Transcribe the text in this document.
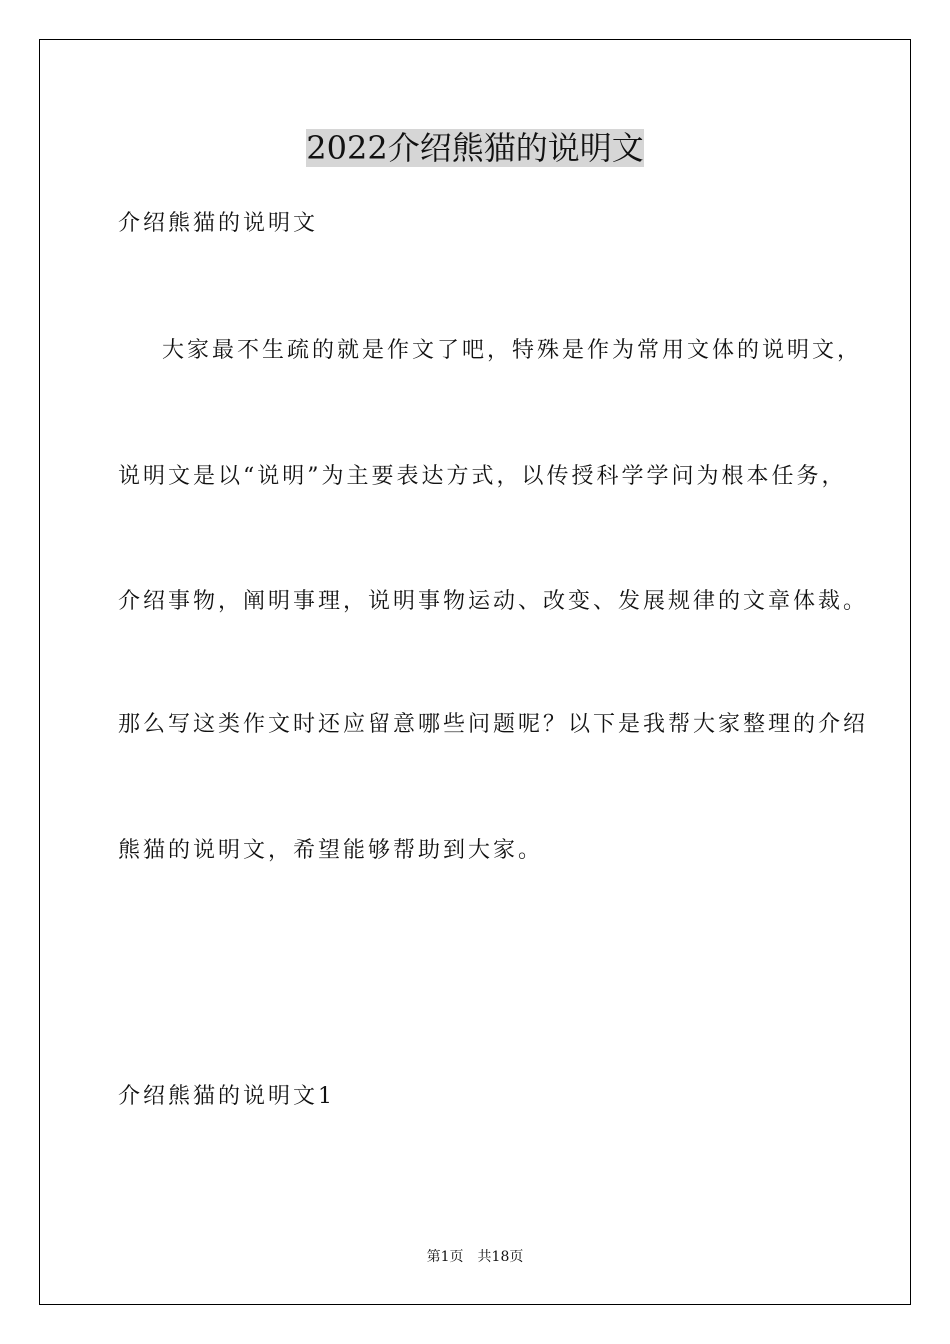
2022介绍熊猫的说明文
介绍熊猫的说明文
大家最不生疏的就是作文了吧，特殊是作为常用文体的说明文，
说明文是以“说明”为主要表达方式，以传授科学学问为根本任务，
介绍事物，阐明事理，说明事物运动、改变、发展规律的文章体裁。
那么写这类作文时还应留意哪些问题呢？以下是我帮大家整理的介绍
熊猫的说明文，希望能够帮助到大家。
介绍熊猫的说明文1
第1页　共18页
